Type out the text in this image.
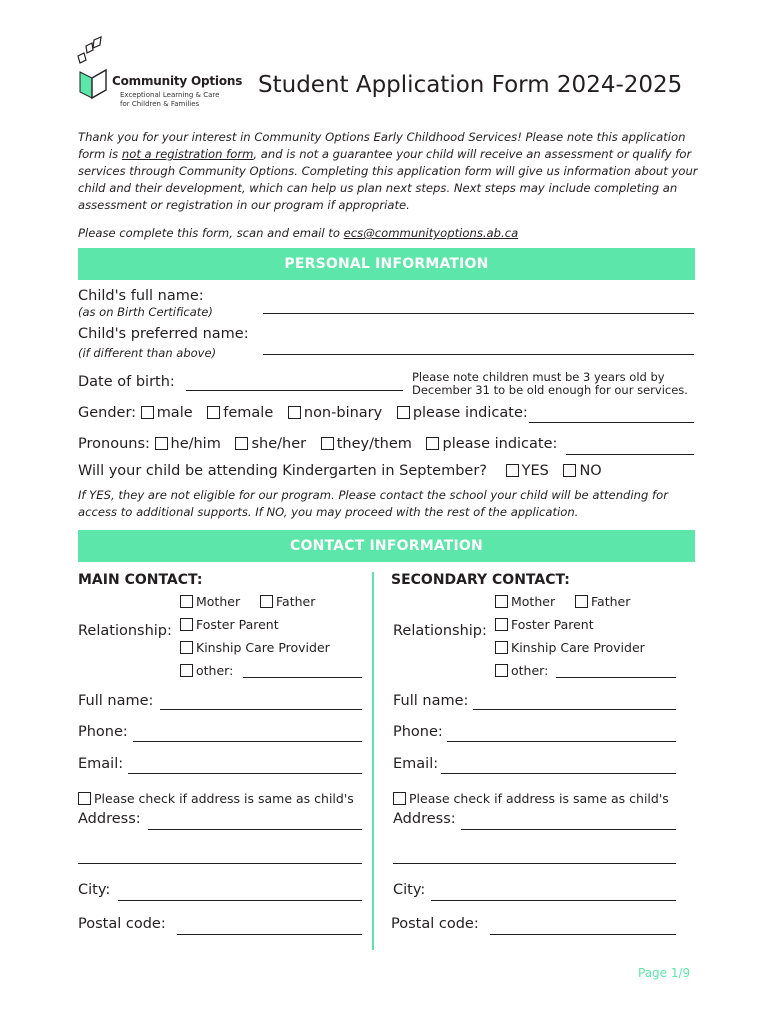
Community Options
Exceptional Learning & Care
for Children & Families
Student Application Form 2024-2025
Thank you for your interest in Community Options Early Childhood Services! Please note this application form is not a registration form, and is not a guarantee your child will receive an assessment or qualify for services through Community Options. Completing this application form will give us information about your child and their development, which can help us plan next steps. Next steps may include completing an assessment or registration in our program if appropriate.
Please complete this form, scan and email to ecs@communityoptions.ab.ca
PERSONAL INFORMATION
Child's full name:
(as on Birth Certificate)
Child's preferred name:
(if different than above)
Date of birth:	Please note children must be 3 years old by
December 31 to be old enough for our services.
Gender: male female non-binary please indicate:
Pronouns: he/him she/her they/them please indicate:
Will your child be attending Kindergarten in September? YES NO
If YES, they are not eligible for our program. Please contact the school your child will be attending for access to additional supports. If NO, you may proceed with the rest of the application.
CONTACT INFORMATION
MAIN CONTACT:
Mother	Father
Relationship:	Foster Parent
Kinship Care Provider
other:
Full name:
Phone:
Email:
Please check if address is same as child's
Address:
City:
Postal code:
SECONDARY CONTACT:
Mother	Father
Relationship:	Foster Parent
Kinship Care Provider
other:
Full name:
Phone:
Email:
Please check if address is same as child's
Address:
City:
Postal code:
Page 1/9
